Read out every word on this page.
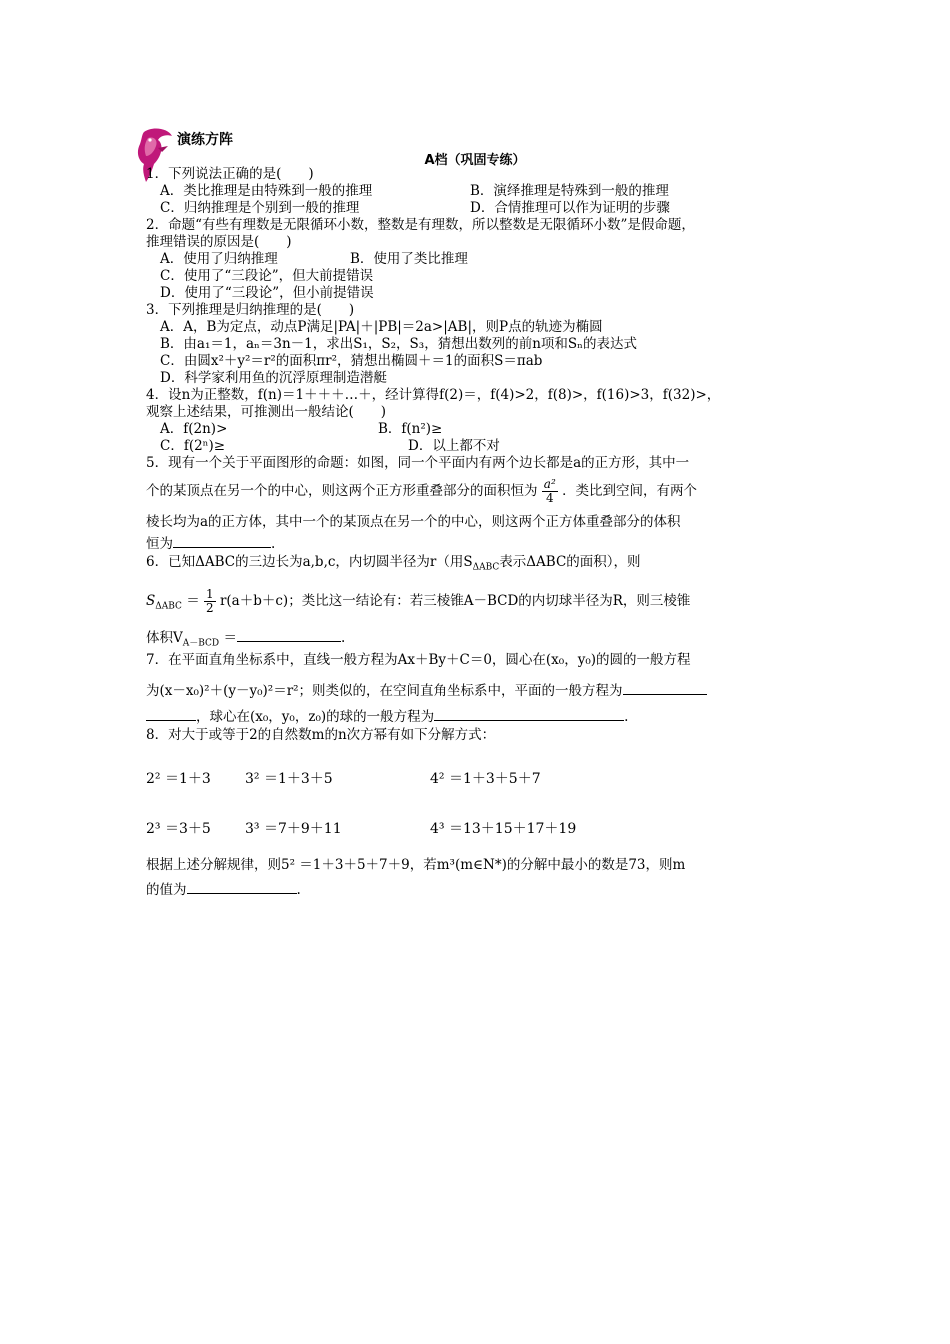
演练方阵
A档（巩固专练）
1．下列说法正确的是(　　)
A．类比推理是由特殊到一般的推理	B．演绎推理是特殊到一般的推理
C．归纳推理是个别到一般的推理	D．合情推理可以作为证明的步骤
2．命题“有些有理数是无限循环小数，整数是有理数，所以整数是无限循环小数”是假命题，
推理错误的原因是(　　)
A．使用了归纳推理	B．使用了类比推理
C．使用了“三段论”，但大前提错误
D．使用了“三段论”，但小前提错误
3．下列推理是归纳推理的是(　　)
A．A，B为定点，动点P满足|PA|＋|PB|＝2a>|AB|，则P点的轨迹为椭圆
B．由a₁＝1，aₙ＝3n－1，求出S₁，S₂，S₃，猜想出数列的前n项和Sₙ的表达式
C．由圆x²＋y²＝r²的面积πr²，猜想出椭圆＋＝1的面积S＝πab
D．科学家利用鱼的沉浮原理制造潜艇
4．设n为正整数，f(n)＝1＋＋＋…＋，经计算得f(2)＝，f(4)>2，f(8)>，f(16)>3，f(32)>，
观察上述结果，可推测出一般结论(　　)
A．f(2n)>	B．f(n²)≥
C．f(2ⁿ)≥	D．以上都不对
5．现有一个关于平面图形的命题：如图，同一个平面内有两个边长都是a的正方形，其中一
个的某顶点在另一个的中心，则这两个正方形重叠部分的面积恒为 $\frac{\text{a²}}{4}$ ．类比到空间，有两个
棱长均为a的正方体，其中一个的某顶点在另一个的中心，则这两个正方体重叠部分的体积
恒为	.
6．已知ΔABC的三边长为a,b,c，内切圆半径为r（用$S_{\Delta ABC}$表示ΔABC的面积），则
$S_{\Delta ABC} = \frac{1}{2} r(a+b+c)$；类比这一结论有：若三棱锥A－BCD的内切球半径为R，则三棱锥
体积$V_{A-BCD}$ ＝	.
7．在平面直角坐标系中，直线一般方程为Ax＋By＋C＝0，圆心在(x₀，y₀)的圆的一般方程
为(x－x₀)²＋(y－y₀)²＝r²；则类似的，在空间直角坐标系中，平面的一般方程为
，球心在(x₀，y₀，z₀)的球的一般方程为	.
8．对大于或等于2的自然数m的n次方幂有如下分解方式：
2² ＝1＋3 3² ＝1＋3＋5	4² ＝1＋3＋5＋7
2³ ＝3＋5 3³ ＝7＋9＋11	4³ ＝13＋15＋17＋19
根据上述分解规律，则5² ＝1＋3＋5＋7＋9，若m³(m∈N*)的分解中最小的数是73，则m
的值为	.
